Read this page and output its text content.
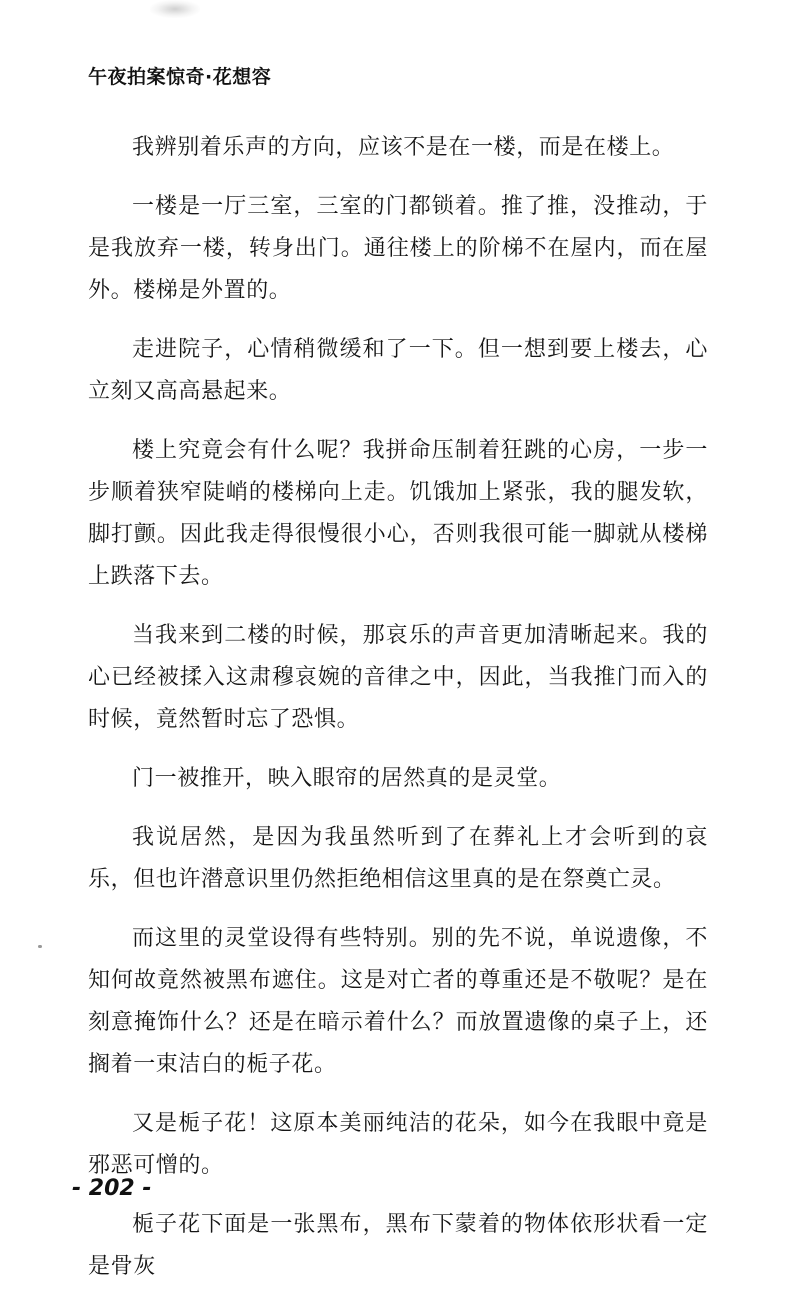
午夜拍案惊奇·花想容

我辨别着乐声的方向，应该不是在一楼，而是在楼上。

一楼是一厅三室，三室的门都锁着。推了推，没推动，于是我放弃一楼，转身出门。通往楼上的阶梯不在屋内，而在屋外。楼梯是外置的。

走进院子，心情稍微缓和了一下。但一想到要上楼去，心立刻又高高悬起来。

楼上究竟会有什么呢？我拼命压制着狂跳的心房，一步一步顺着狭窄陡峭的楼梯向上走。饥饿加上紧张，我的腿发软，脚打颤。因此我走得很慢很小心，否则我很可能一脚就从楼梯上跌落下去。

当我来到二楼的时候，那哀乐的声音更加清晰起来。我的心已经被揉入这肃穆哀婉的音律之中，因此，当我推门而入的时候，竟然暂时忘了恐惧。

门一被推开，映入眼帘的居然真的是灵堂。

我说居然，是因为我虽然听到了在葬礼上才会听到的哀乐，但也许潜意识里仍然拒绝相信这里真的是在祭奠亡灵。

而这里的灵堂设得有些特别。别的先不说，单说遗像，不知何故竟然被黑布遮住。这是对亡者的尊重还是不敬呢？是在刻意掩饰什么？还是在暗示着什么？而放置遗像的桌子上，还搁着一束洁白的栀子花。

又是栀子花！这原本美丽纯洁的花朵，如今在我眼中竟是邪恶可憎的。

栀子花下面是一张黑布，黑布下蒙着的物体依形状看一定是骨灰

- 202 -
